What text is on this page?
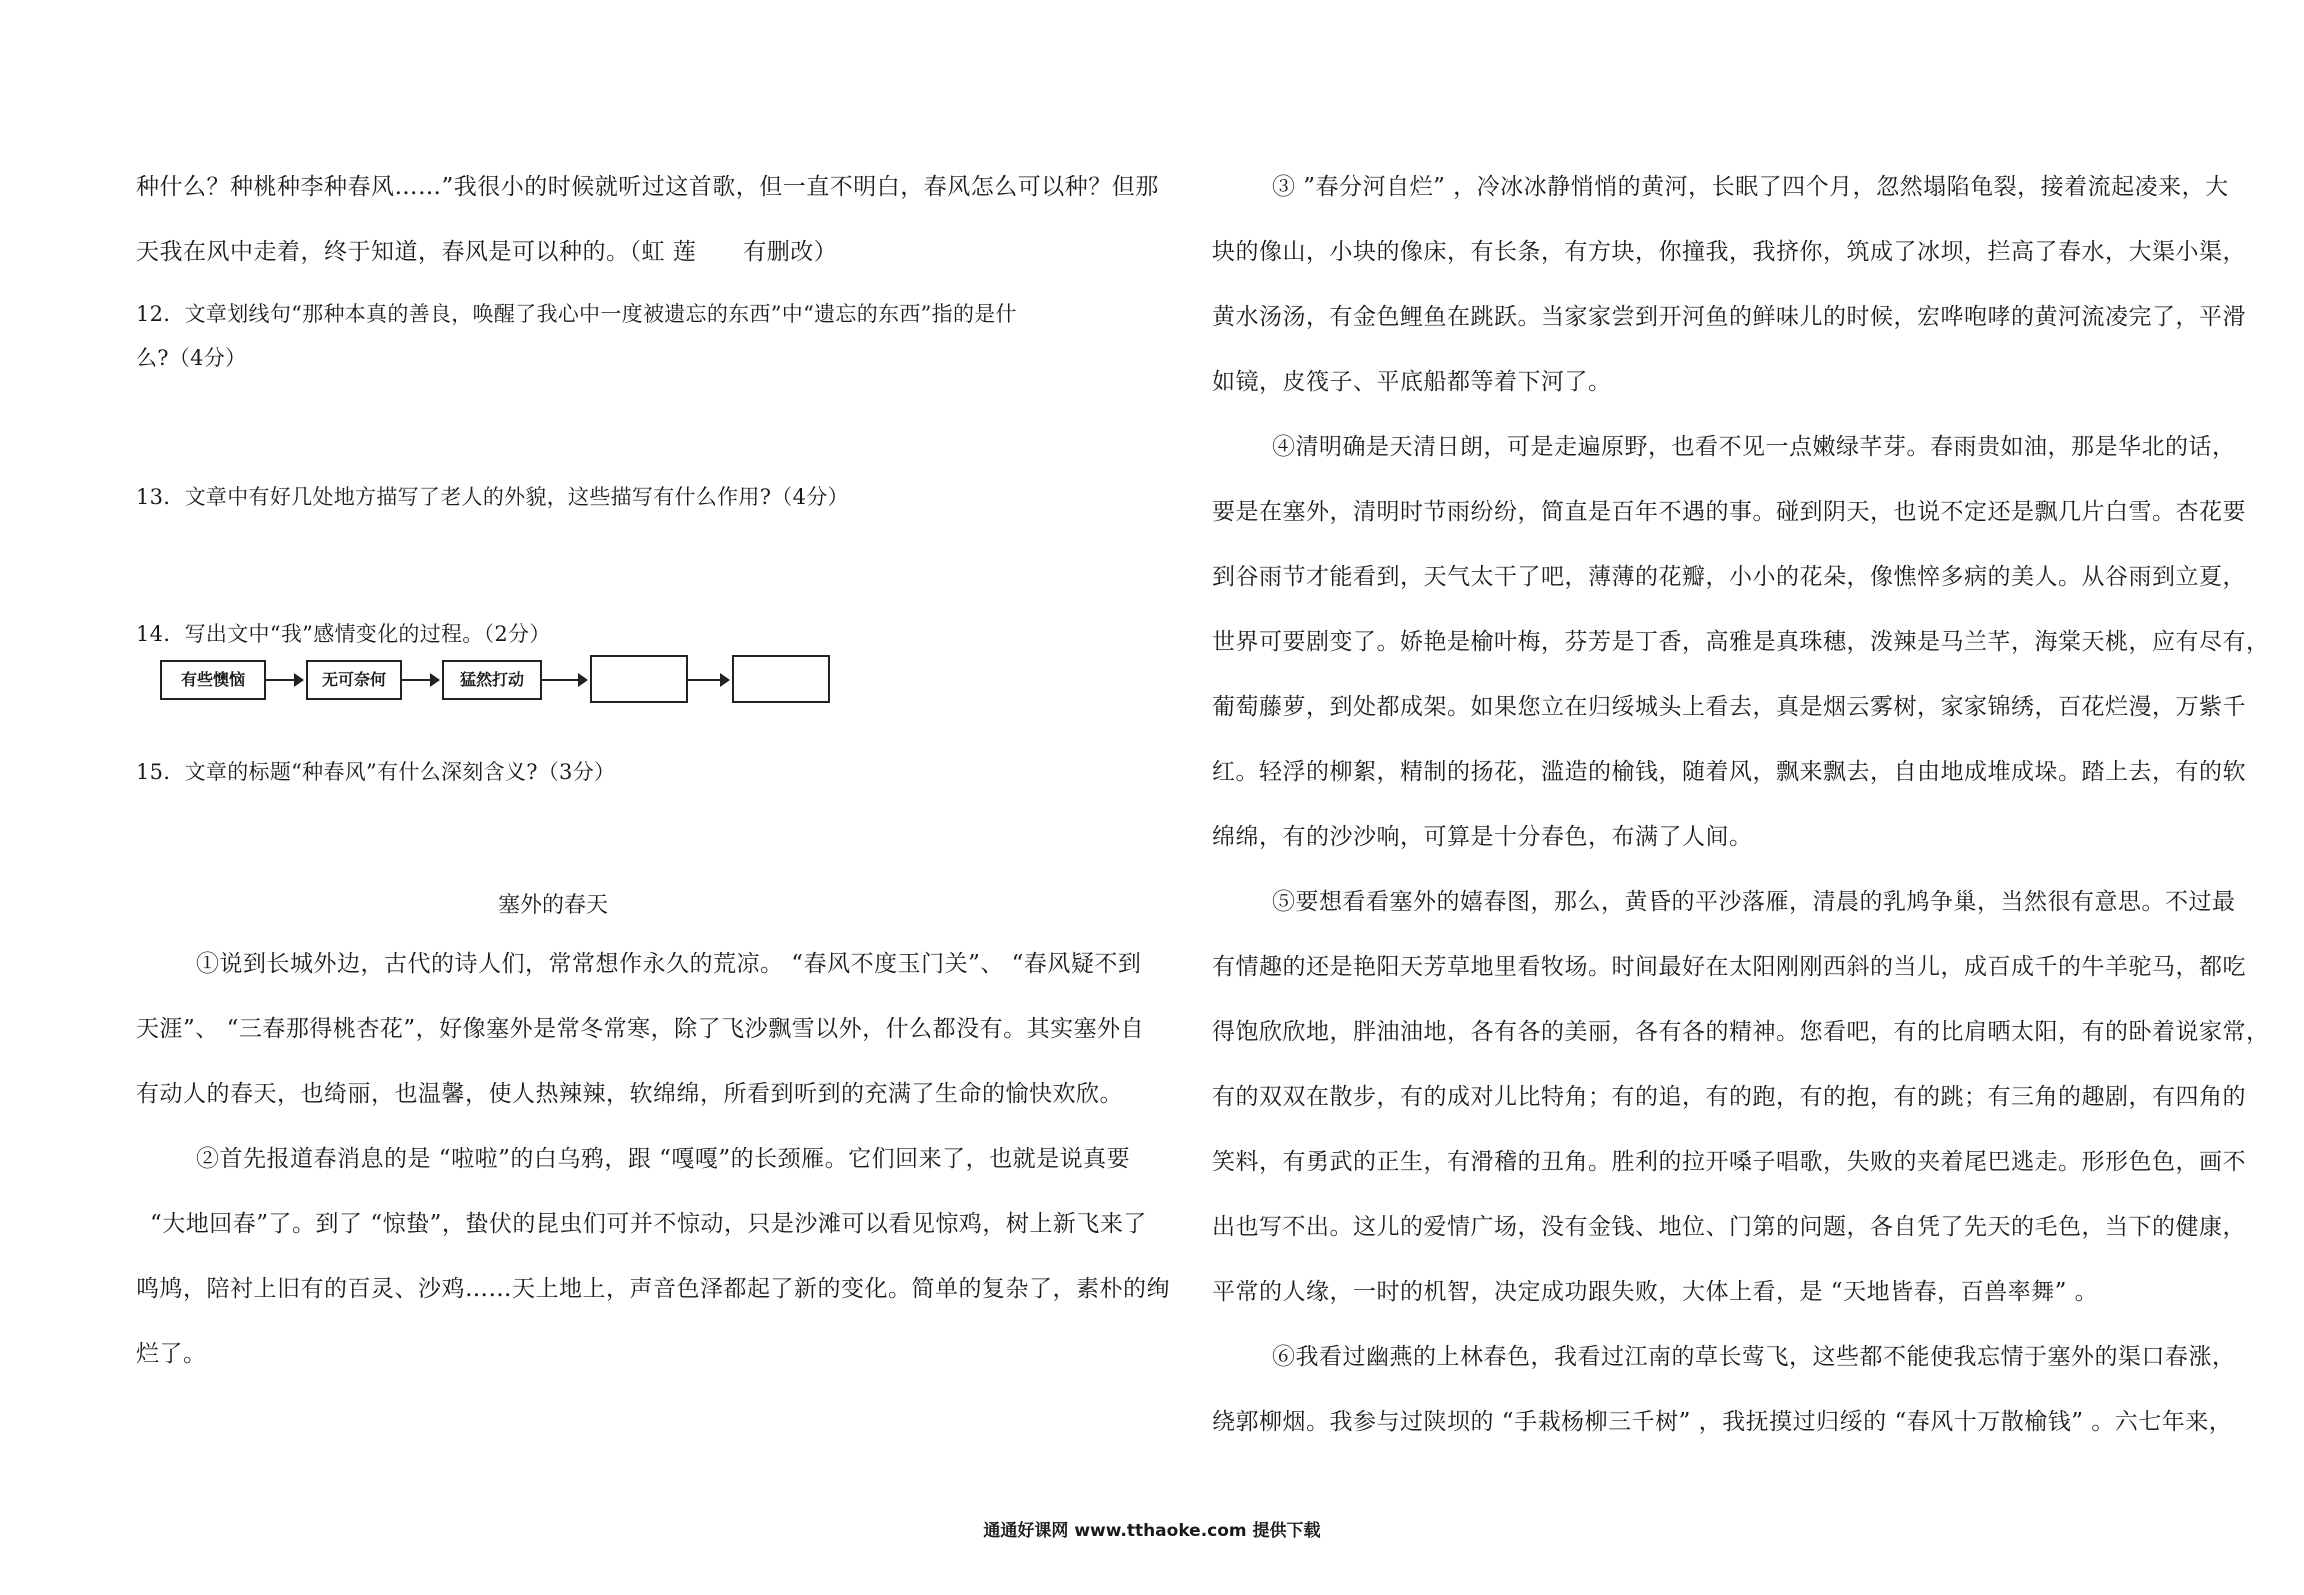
种什么？种桃种李种春风……”我很小的时候就听过这首歌，但一直不明白，春风怎么可以种？但那
天我在风中走着，终于知道，春风是可以种的。（虹 莲　　有删改）
12．文章划线句“那种本真的善良，唤醒了我心中一度被遗忘的东西”中“遗忘的东西”指的是什
么?（4分）
13．文章中有好几处地方描写了老人的外貌，这些描写有什么作用?（4分）
14．写出文中“我”感情变化的过程。（2分）
有些懊恼	无可奈何	猛然打动
15．文章的标题“种春风”有什么深刻含义?（3分）
塞外的春天
①说到长城外边，古代的诗人们，常常想作永久的荒凉。 “春风不度玉门关”、 “春风疑不到
天涯”、 “三春那得桃杏花”，好像塞外是常冬常寒，除了飞沙飘雪以外，什么都没有。其实塞外自
有动人的春天，也绮丽，也温馨，使人热辣辣，软绵绵，所看到听到的充满了生命的愉快欢欣。
②首先报道春消息的是 “啦啦”的白乌鸦，跟 “嘎嘎”的长颈雁。它们回来了，也就是说真要
“大地回春”了。到了 “惊蛰”，蛰伏的昆虫们可并不惊动，只是沙滩可以看见惊鸡，树上新飞来了
鸣鸠，陪衬上旧有的百灵、沙鸡……天上地上，声音色泽都起了新的变化。简单的复杂了，素朴的绚
烂了。
③ ”春分河自烂” ，冷冰冰静悄悄的黄河，长眠了四个月，忽然塌陷龟裂，接着流起凌来，大
块的像山，小块的像床，有长条，有方块，你撞我，我挤你，筑成了冰坝，拦高了春水，大渠小渠，
黄水汤汤，有金色鲤鱼在跳跃。当家家尝到开河鱼的鲜味儿的时候，宏哗咆哮的黄河流凌完了，平滑
如镜，皮筏子、平底船都等着下河了。
④清明确是天清日朗，可是走遍原野，也看不见一点嫩绿芊芽。春雨贵如油，那是华北的话，
要是在塞外，清明时节雨纷纷，简直是百年不遇的事。碰到阴天，也说不定还是飘几片白雪。杏花要
到谷雨节才能看到，天气太干了吧，薄薄的花瓣，小小的花朵，像憔悴多病的美人。从谷雨到立夏，
世界可要剧变了。娇艳是榆叶梅，芬芳是丁香，高雅是真珠穗，泼辣是马兰芊，海棠天桃，应有尽有，
葡萄藤萝，到处都成架。如果您立在归绥城头上看去，真是烟云雾树，家家锦绣，百花烂漫，万紫千
红。轻浮的柳絮，精制的扬花，滥造的榆钱，随着风，飘来飘去，自由地成堆成垛。踏上去，有的软
绵绵，有的沙沙响，可算是十分春色，布满了人间。
⑤要想看看塞外的嬉春图，那么，黄昏的平沙落雁，清晨的乳鸠争巢，当然很有意思。不过最
有情趣的还是艳阳天芳草地里看牧场。时间最好在太阳刚刚西斜的当儿，成百成千的牛羊驼马，都吃
得饱欣欣地，胖油油地，各有各的美丽，各有各的精神。您看吧，有的比肩晒太阳，有的卧着说家常，
有的双双在散步，有的成对儿比特角；有的追，有的跑，有的抱，有的跳；有三角的趣剧，有四角的
笑料，有勇武的正生，有滑稽的丑角。胜利的拉开嗓子唱歌，失败的夹着尾巴逃走。形形色色，画不
出也写不出。这儿的爱情广场，没有金钱、地位、门第的问题，各自凭了先天的毛色，当下的健康，
平常的人缘，一时的机智，决定成功跟失败，大体上看，是 “天地皆春，百兽率舞” 。
⑥我看过幽燕的上林春色，我看过江南的草长莺飞，这些都不能使我忘情于塞外的渠口春涨，
绕郭柳烟。我参与过陕坝的 “手栽杨柳三千树” ，我抚摸过归绥的 “春风十万散榆钱” 。六七年来，
通通好课网 www.tthaoke.com 提供下载
